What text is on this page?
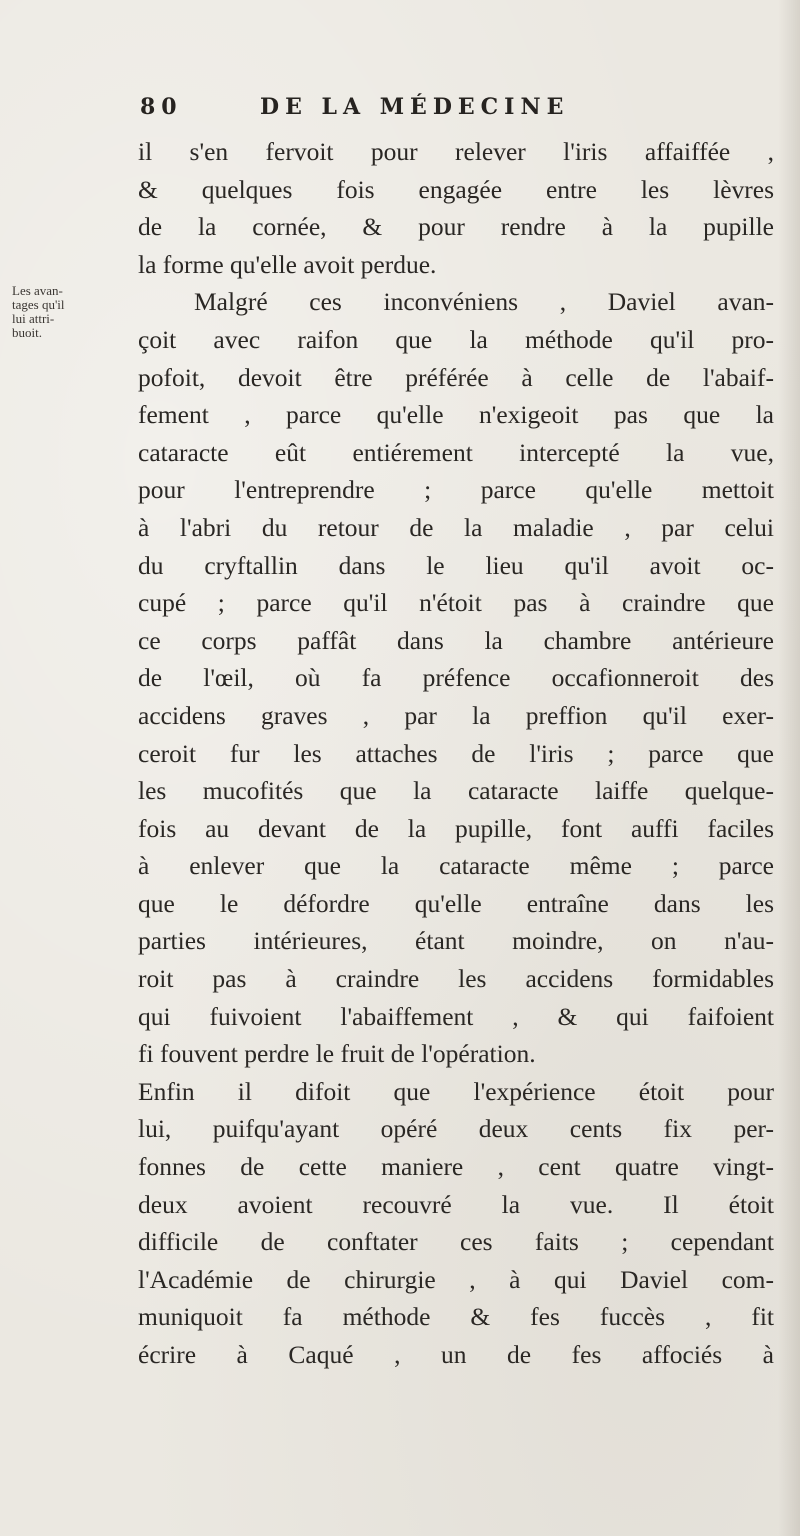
80	DE LA MÉDECINE
Les avan-
tages qu'il
lui attri-
buoit.
il s'en fervoit pour relever l'iris affaiffée ,
& quelques fois engagée entre les lèvres
de la cornée, & pour rendre à la pupille
la forme qu'elle avoit perdue.
Malgré ces inconvéniens , Daviel avan-
çoit avec raifon que la méthode qu'il pro-
pofoit, devoit être préférée à celle de l'abaif-
fement , parce qu'elle n'exigeoit pas que la
cataracte eût entiérement intercepté la vue,
pour l'entreprendre ; parce qu'elle mettoit
à l'abri du retour de la maladie , par celui
du cryftallin dans le lieu qu'il avoit oc-
cupé ; parce qu'il n'étoit pas à craindre que
ce corps paffât dans la chambre antérieure
de l'œil, où fa préfence occafionneroit des
accidens graves , par la preffion qu'il exer-
ceroit fur les attaches de l'iris ; parce que
les mucofités que la cataracte laiffe quelque-
fois au devant de la pupille, font auffi faciles
à enlever que la cataracte même ; parce
que le défordre qu'elle entraîne dans les
parties intérieures, étant moindre, on n'au-
roit pas à craindre les accidens formidables
qui fuivoient l'abaiffement , & qui faifoient
fi fouvent perdre le fruit de l'opération.
Enfin il difoit que l'expérience étoit pour
lui, puifqu'ayant opéré deux cents fix per-
fonnes de cette maniere , cent quatre vingt-
deux avoient recouvré la vue. Il étoit
difficile de conftater ces faits ; cependant
l'Académie de chirurgie , à qui Daviel com-
muniquoit fa méthode & fes fuccès , fit
écrire à Caqué , un de fes affociés à
